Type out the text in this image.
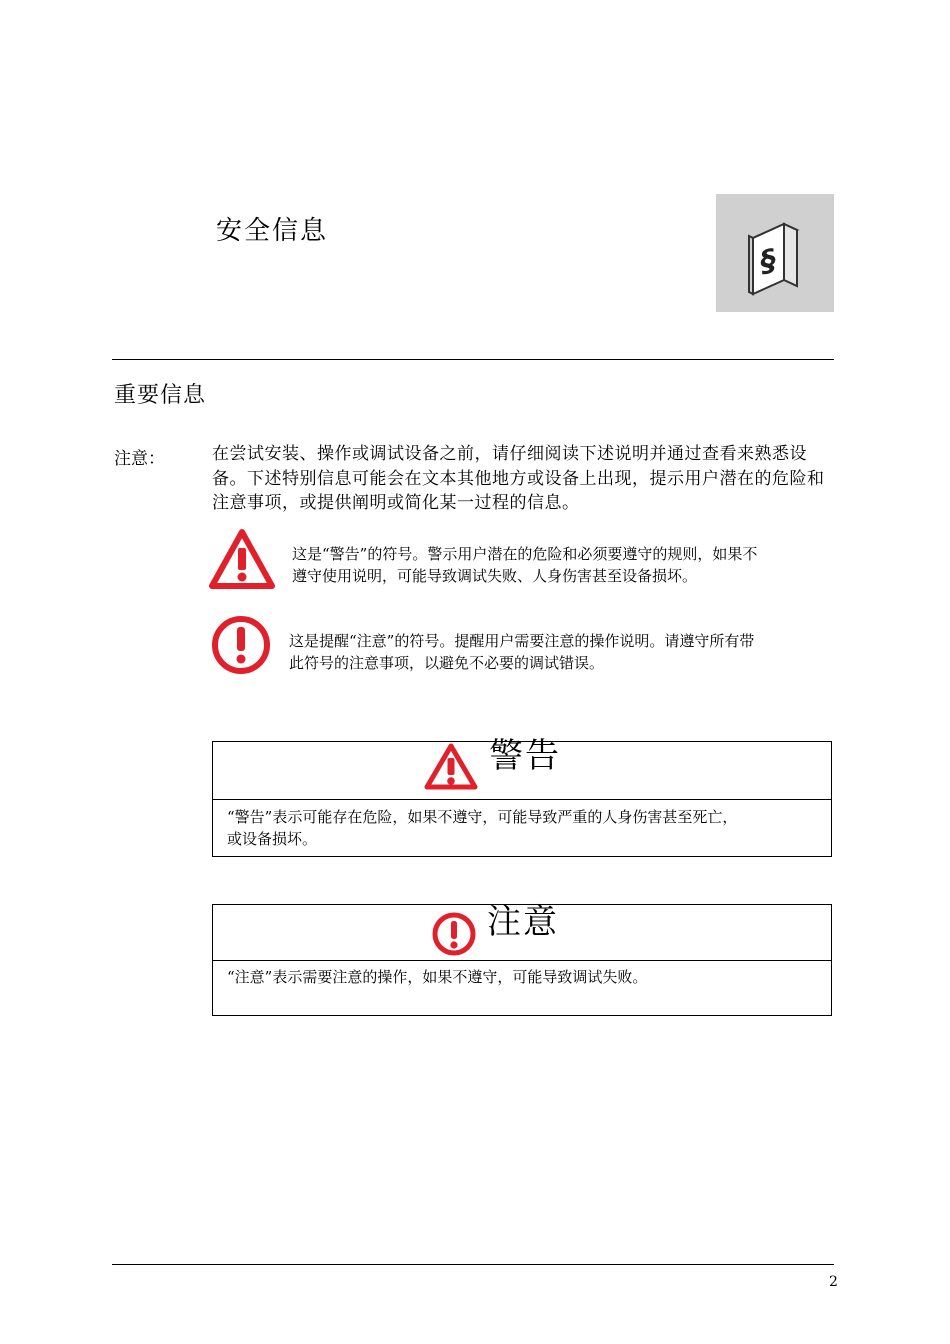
安全信息
§
重要信息
注意：	在尝试安装、操作或调试设备之前，请仔细阅读下述说明并通过查看来熟悉设备。下述特别信息可能会在文本其他地方或设备上出现，提示用户潜在的危险和注意事项，或提供阐明或简化某一过程的信息。
这是“警告”的符号。警示用户潜在的危险和必须要遵守的规则，如果不
遵守使用说明，可能导致调试失败、人身伤害甚至设备损坏。
这是提醒“注意”的符号。提醒用户需要注意的操作说明。请遵守所有带
此符号的注意事项，以避免不必要的调试错误。
警告
“警告”表示可能存在危险，如果不遵守，可能导致严重的人身伤害甚至死亡，
或设备损坏。
注意
“注意”表示需要注意的操作，如果不遵守，可能导致调试失败。
2
